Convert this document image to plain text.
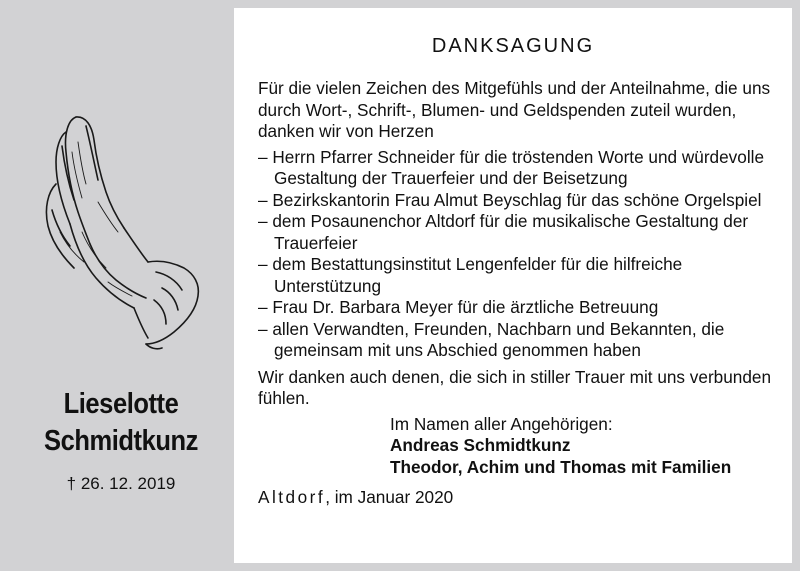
Lieselotte
Schmidtkunz
† 26. 12. 2019
DANKSAGUNG

Für die vielen Zeichen des Mitgefühls und der Anteilnahme, die uns durch Wort-, Schrift-, Blumen- und Geldspenden zuteil wurden, danken wir von Herzen

– Herrn Pfarrer Schneider für die tröstenden Worte und würdevolle Gestaltung der Trauerfeier und der Beisetzung
– Bezirkskantorin Frau Almut Beyschlag für das schöne Orgelspiel
– dem Posaunenchor Altdorf für die musikalische Gestaltung der Trauerfeier
– dem Bestattungsinstitut Lengenfelder für die hilfreiche Unterstützung
– Frau Dr. Barbara Meyer für die ärztliche Betreuung
– allen Verwandten, Freunden, Nachbarn und Bekannten, die gemeinsam mit uns Abschied genommen haben

Wir danken auch denen, die sich in stiller Trauer mit uns verbunden fühlen.

Im Namen aller Angehörigen:
Andreas Schmidtkunz
Theodor, Achim und Thomas mit Familien
Altdorf, im Januar 2020
